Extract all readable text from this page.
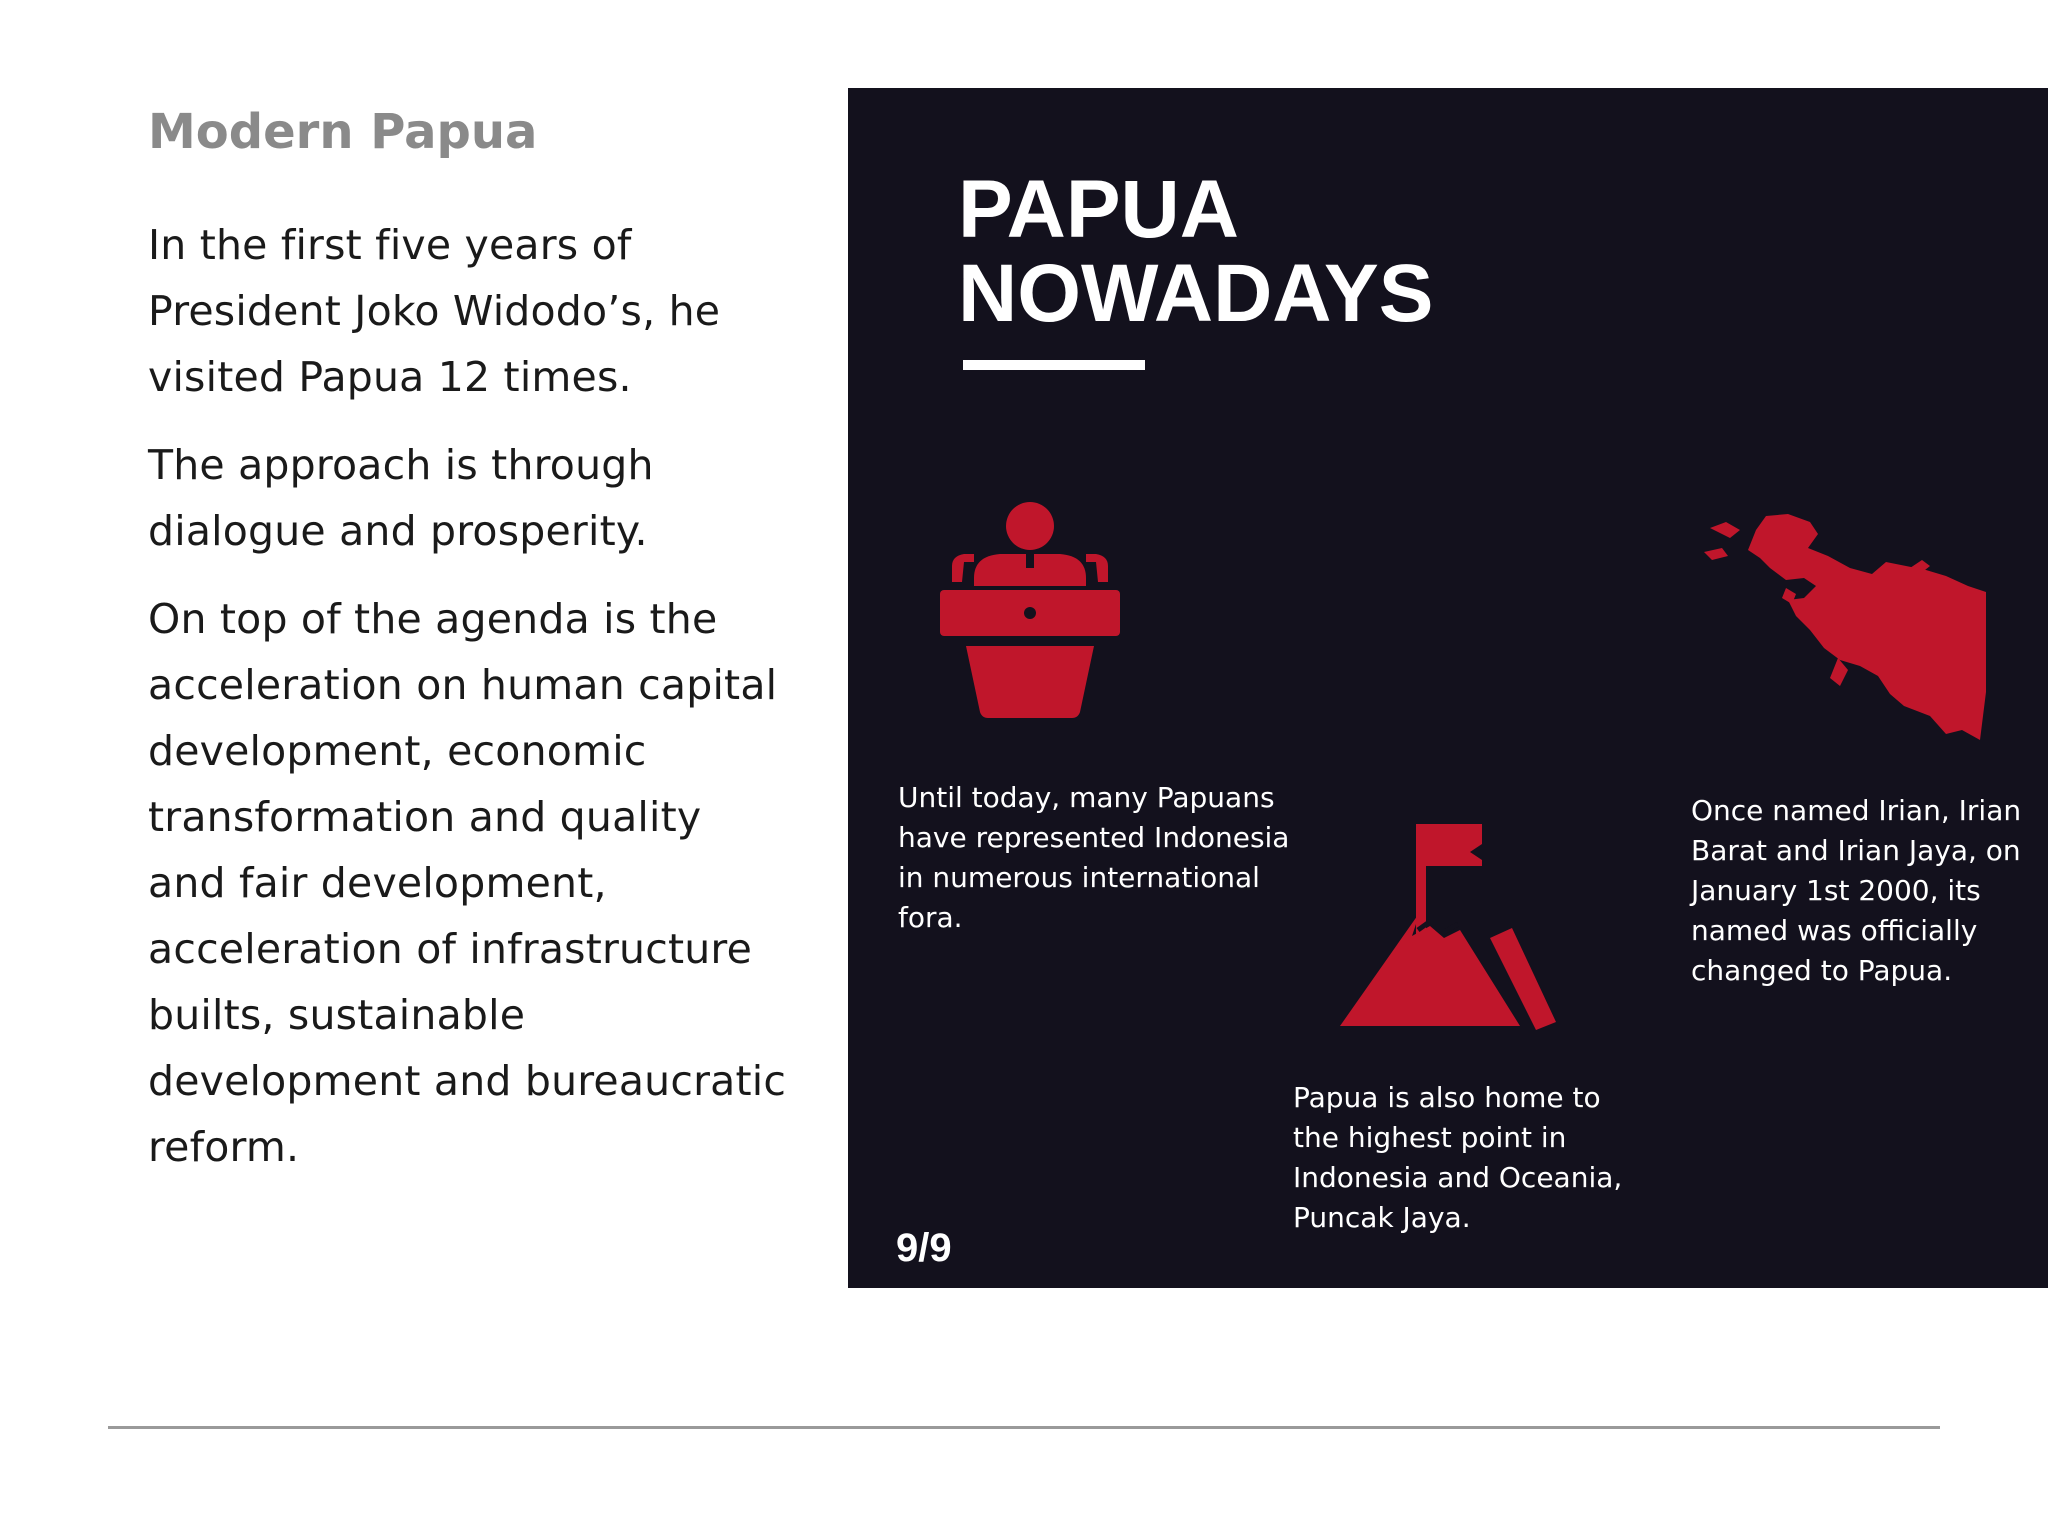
Modern Papua

In the first five years of President Joko Widodo’s, he visited Papua 12 times.

The approach is through dialogue and prosperity.

On top of the agenda is the acceleration on human capital development, economic transformation and quality and fair development, acceleration of infrastructure builts, sustainable development and bureaucratic reform.

PAPUA
NOWADAYS

Until today, many Papuans have represented Indonesia in numerous international fora.

Papua is also home to the highest point in Indonesia and Oceania, Puncak Jaya.

Once named Irian, Irian Barat and Irian Jaya, on January 1st 2000, its named was officially changed to Papua.

9/9
